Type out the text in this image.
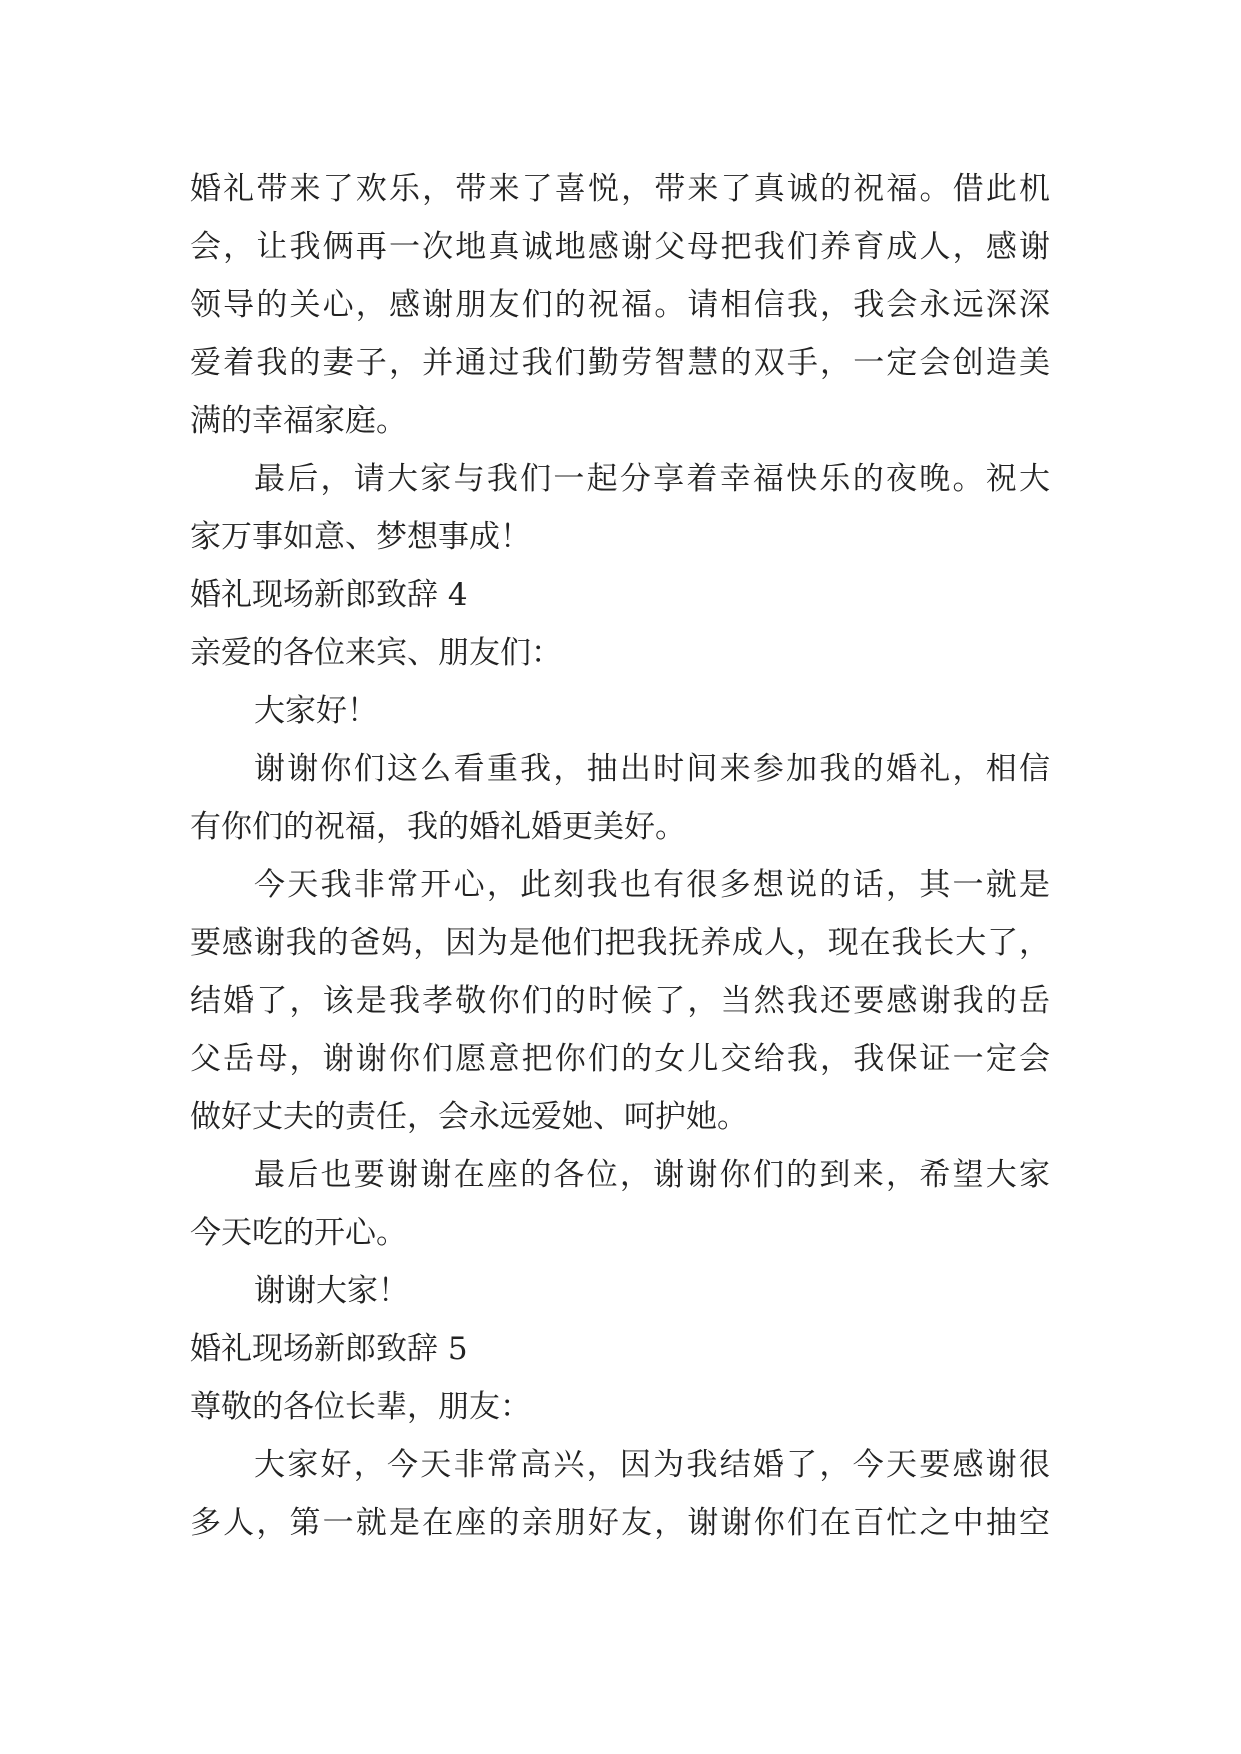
婚礼带来了欢乐，带来了喜悦，带来了真诚的祝福。借此机
会，让我俩再一次地真诚地感谢父母把我们养育成人，感谢
领导的关心，感谢朋友们的祝福。请相信我，我会永远深深
爱着我的妻子，并通过我们勤劳智慧的双手，一定会创造美
满的幸福家庭。
最后，请大家与我们一起分享着幸福快乐的夜晚。祝大
家万事如意、梦想事成！
婚礼现场新郎致辞 4
亲爱的各位来宾、朋友们：
大家好！
谢谢你们这么看重我，抽出时间来参加我的婚礼，相信
有你们的祝福，我的婚礼婚更美好。
今天我非常开心，此刻我也有很多想说的话，其一就是
要感谢我的爸妈，因为是他们把我抚养成人，现在我长大了，
结婚了，该是我孝敬你们的时候了，当然我还要感谢我的岳
父岳母，谢谢你们愿意把你们的女儿交给我，我保证一定会
做好丈夫的责任，会永远爱她、呵护她。
最后也要谢谢在座的各位，谢谢你们的到来，希望大家
今天吃的开心。
谢谢大家！
婚礼现场新郎致辞 5
尊敬的各位长辈，朋友：
大家好，今天非常高兴，因为我结婚了，今天要感谢很
多人，第一就是在座的亲朋好友，谢谢你们在百忙之中抽空
